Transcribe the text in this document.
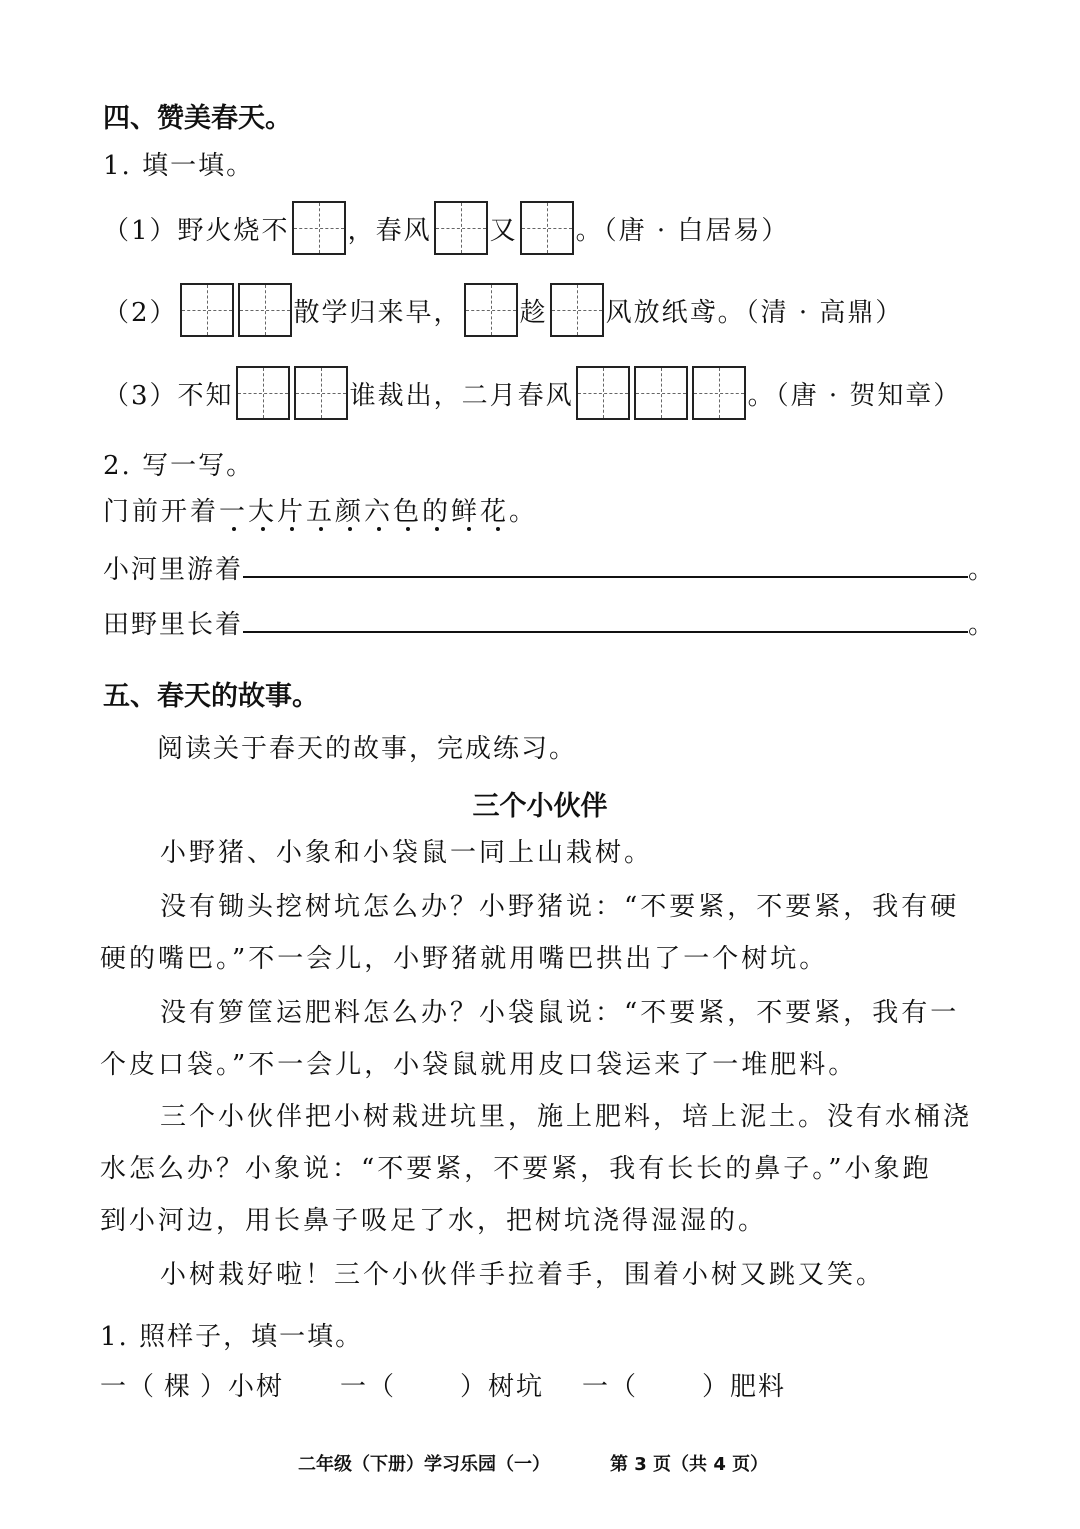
四、赞美春天。
1. 填一填。
（1） 野火烧不 ，春风 又 。（唐 · 白居易）
（2）	散学归来早， 趁 风放纸鸢。（清 · 高鼎）
（3） 不知	谁裁出，二月春风	。（唐 · 贺知章）
2. 写一写。
门前开着一大片五颜六色的鲜花。
小河里游着	。
田野里长着	。
五、春天的故事。
阅读关于春天的故事，完成练习。
三个小伙伴
小野猪、小象和小袋鼠一同上山栽树。
没有锄头挖树坑怎么办？小野猪说：“不要紧，不要紧，我有硬
硬的嘴巴。”不一会儿，小野猪就用嘴巴拱出了一个树坑。
没有箩筐运肥料怎么办？小袋鼠说：“不要紧，不要紧，我有一
个皮口袋。”不一会儿，小袋鼠就用皮口袋运来了一堆肥料。
三个小伙伴把小树栽进坑里，施上肥料，培上泥土。没有水桶浇
水怎么办？小象说：“不要紧，不要紧，我有长长的鼻子。”小象跑
到小河边，用长鼻子吸足了水，把树坑浇得湿湿的。
小树栽好啦！三个小伙伴手拉着手，围着小树又跳又笑。
1. 照样子，填一填。
一（ 棵 ）小树 一（ ）树坑 一（ ）肥料
二年级（下册）学习乐园（一）	第 3 页（共 4 页）
